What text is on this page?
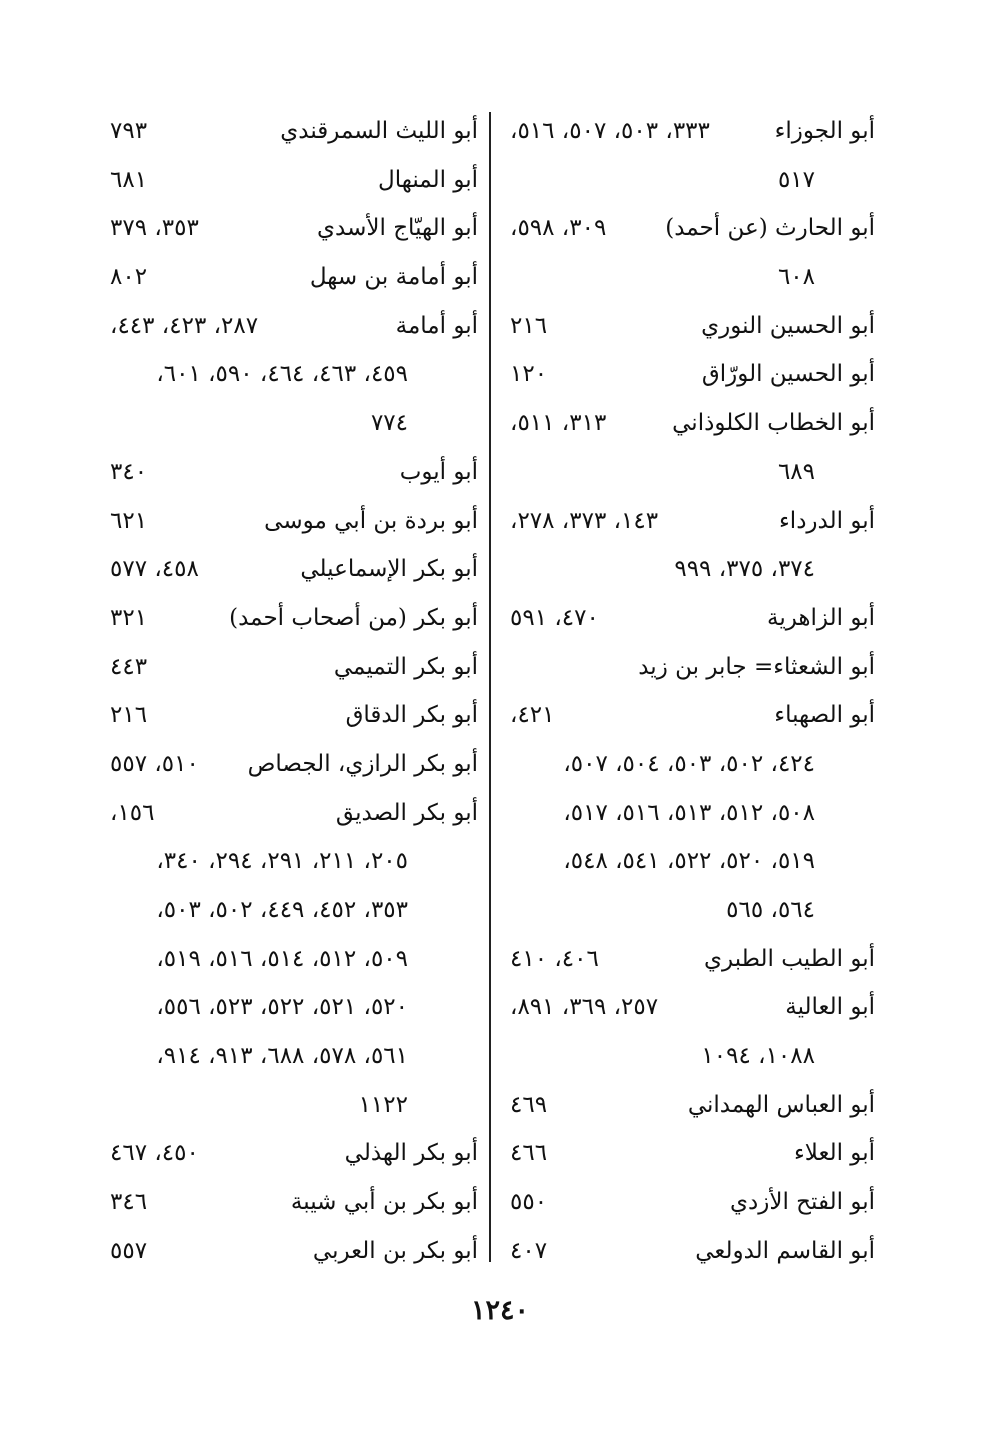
أبو الجوزاء
٣٣٣، ٥٠٣، ٥٠٧، ٥١٦،
٥١٧
أبو الحارث (عن أحمد)
٣٠٩، ٥٩٨،
٦٠٨
أبو الحسين النوري
٢١٦
أبو الحسين الورّاق
١٢٠
أبو الخطاب الكلوذاني
٣١٣، ٥١١،
٦٨٩
أبو الدرداء
١٤٣، ٣٧٣، ٢٧٨،
٣٧٤، ٣٧٥، ٩٩٩
أبو الزاهرية
٤٧٠، ٥٩١
أبو الشعثاء= جابر بن زيد
أبو الصهباء
٤٢١،
٤٢٤، ٥٠٢، ٥٠٣، ٥٠٤، ٥٠٧،
٥٠٨، ٥١٢، ٥١٣، ٥١٦، ٥١٧،
٥١٩، ٥٢٠، ٥٢٢، ٥٤١، ٥٤٨،
٥٦٤، ٥٦٥
أبو الطيب الطبري
٤٠٦، ٤١٠
أبو العالية
٢٥٧، ٣٦٩، ٨٩١،
١٠٨٨، ١٠٩٤
أبو العباس الهمداني
٤٦٩
أبو العلاء
٤٦٦
أبو الفتح الأزدي
٥٥٠
أبو القاسم الدولعي
٤٠٧
أبو الليث السمرقندي
٧٩٣
أبو المنهال
٦٨١
أبو الهيّاج الأسدي
٣٥٣، ٣٧٩
أبو أمامة بن سهل
٨٠٢
أبو أمامة
٢٨٧، ٤٢٣، ٤٤٣،
٤٥٩، ٤٦٣، ٤٦٤، ٥٩٠، ٦٠١،
٧٧٤
أبو أيوب
٣٤٠
أبو بردة بن أبي موسى
٦٢١
أبو بكر الإسماعيلي
٤٥٨، ٥٧٧
أبو بكر (من أصحاب أحمد)
٣٢١
أبو بكر التميمي
٤٤٣
أبو بكر الدقاق
٢١٦
أبو بكر الرازي، الجصاص
٥١٠، ٥٥٧
أبو بكر الصديق
١٥٦،
٢٠٥، ٢١١، ٢٩١، ٢٩٤، ٣٤٠،
٣٥٣، ٤٥٢، ٤٤٩، ٥٠٢، ٥٠٣،
٥٠٩، ٥١٢، ٥١٤، ٥١٦، ٥١٩،
٥٢٠، ٥٢١، ٥٢٢، ٥٢٣، ٥٥٦،
٥٦١، ٥٧٨، ٦٨٨، ٩١٣، ٩١٤،
١١٢٢
أبو بكر الهذلي
٤٥٠، ٤٦٧
أبو بكر بن أبي شيبة
٣٤٦
أبو بكر بن العربي
٥٥٧
١٢٤٠
